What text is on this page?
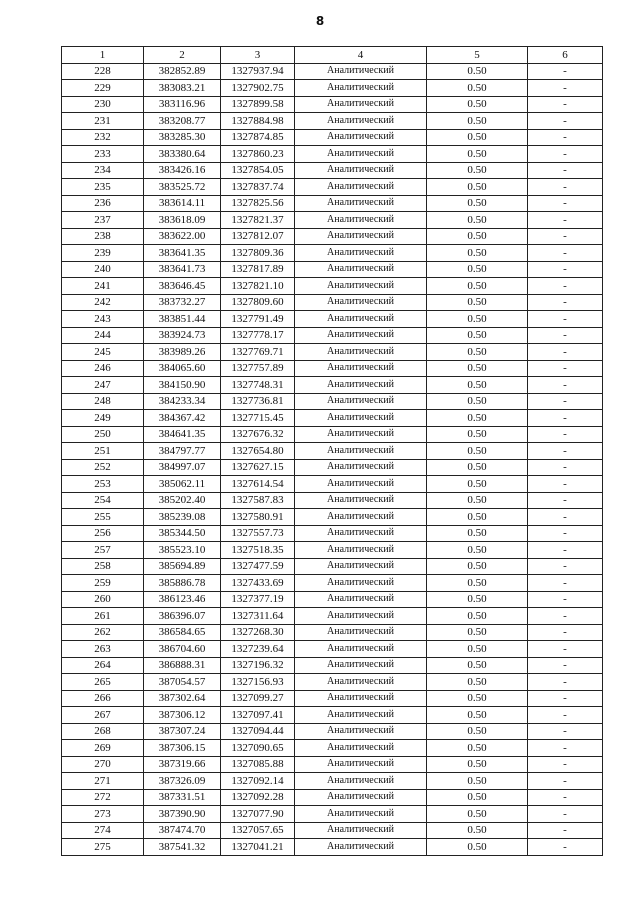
8
1	2	3	4	5	6
228	382852.89	1327937.94	Аналитический	0.50	-
229	383083.21	1327902.75	Аналитический	0.50	-
230	383116.96	1327899.58	Аналитический	0.50	-
231	383208.77	1327884.98	Аналитический	0.50	-
232	383285.30	1327874.85	Аналитический	0.50	-
233	383380.64	1327860.23	Аналитический	0.50	-
234	383426.16	1327854.05	Аналитический	0.50	-
235	383525.72	1327837.74	Аналитический	0.50	-
236	383614.11	1327825.56	Аналитический	0.50	-
237	383618.09	1327821.37	Аналитический	0.50	-
238	383622.00	1327812.07	Аналитический	0.50	-
239	383641.35	1327809.36	Аналитический	0.50	-
240	383641.73	1327817.89	Аналитический	0.50	-
241	383646.45	1327821.10	Аналитический	0.50	-
242	383732.27	1327809.60	Аналитический	0.50	-
243	383851.44	1327791.49	Аналитический	0.50	-
244	383924.73	1327778.17	Аналитический	0.50	-
245	383989.26	1327769.71	Аналитический	0.50	-
246	384065.60	1327757.89	Аналитический	0.50	-
247	384150.90	1327748.31	Аналитический	0.50	-
248	384233.34	1327736.81	Аналитический	0.50	-
249	384367.42	1327715.45	Аналитический	0.50	-
250	384641.35	1327676.32	Аналитический	0.50	-
251	384797.77	1327654.80	Аналитический	0.50	-
252	384997.07	1327627.15	Аналитический	0.50	-
253	385062.11	1327614.54	Аналитический	0.50	-
254	385202.40	1327587.83	Аналитический	0.50	-
255	385239.08	1327580.91	Аналитический	0.50	-
256	385344.50	1327557.73	Аналитический	0.50	-
257	385523.10	1327518.35	Аналитический	0.50	-
258	385694.89	1327477.59	Аналитический	0.50	-
259	385886.78	1327433.69	Аналитический	0.50	-
260	386123.46	1327377.19	Аналитический	0.50	-
261	386396.07	1327311.64	Аналитический	0.50	-
262	386584.65	1327268.30	Аналитический	0.50	-
263	386704.60	1327239.64	Аналитический	0.50	-
264	386888.31	1327196.32	Аналитический	0.50	-
265	387054.57	1327156.93	Аналитический	0.50	-
266	387302.64	1327099.27	Аналитический	0.50	-
267	387306.12	1327097.41	Аналитический	0.50	-
268	387307.24	1327094.44	Аналитический	0.50	-
269	387306.15	1327090.65	Аналитический	0.50	-
270	387319.66	1327085.88	Аналитический	0.50	-
271	387326.09	1327092.14	Аналитический	0.50	-
272	387331.51	1327092.28	Аналитический	0.50	-
273	387390.90	1327077.90	Аналитический	0.50	-
274	387474.70	1327057.65	Аналитический	0.50	-
275	387541.32	1327041.21	Аналитический	0.50	-
